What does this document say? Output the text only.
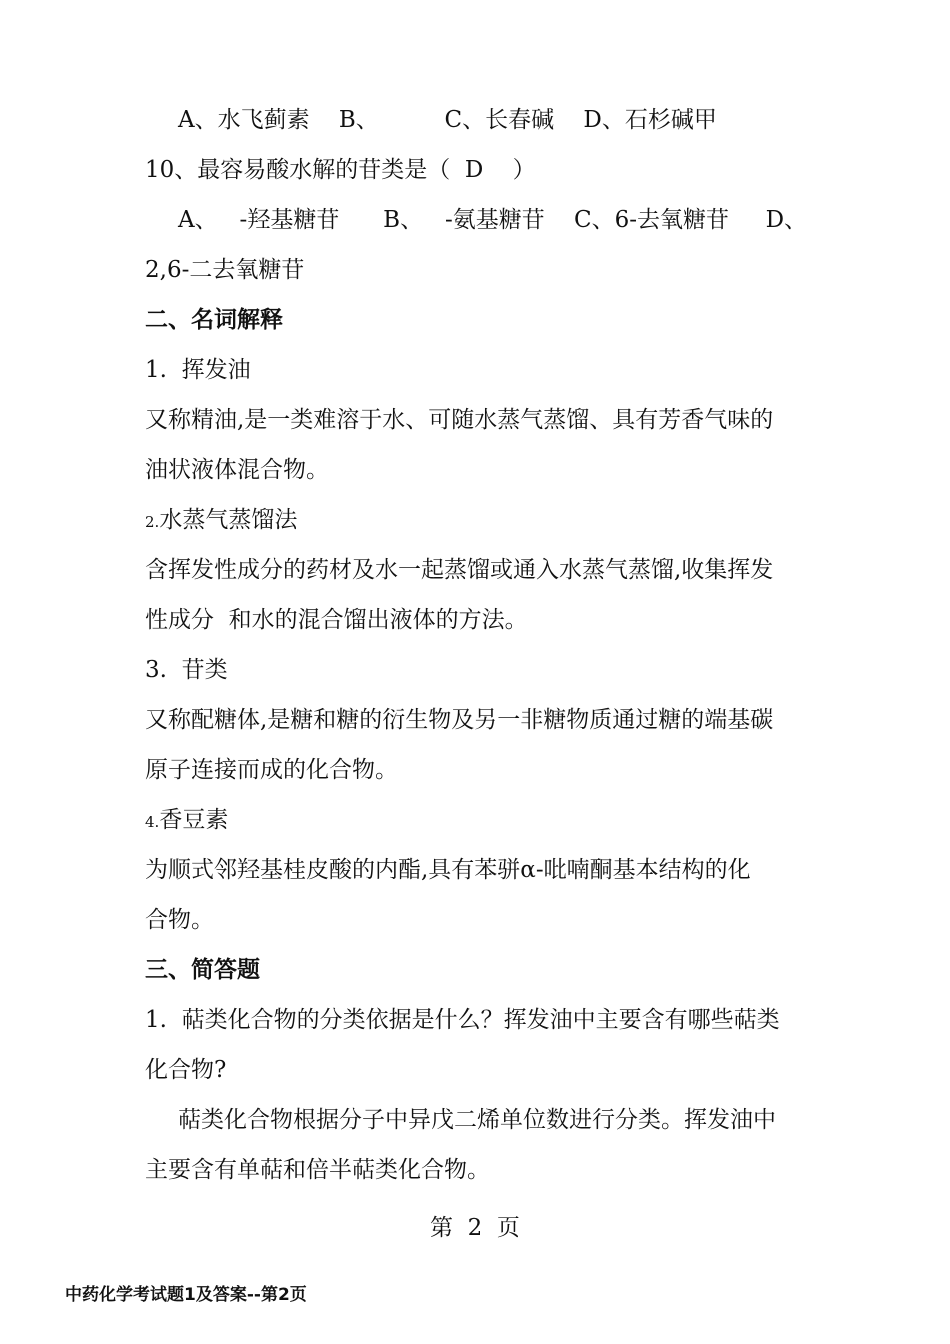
A、水飞蓟素    B、         C、长春碱    D、石杉碱甲
10、最容易酸水解的苷类是（  D    ）
A、   -羟基糖苷      B、   -氨基糖苷    C、6-去氧糖苷     D、
2,6-二去氧糖苷
二、名词解释
1.  挥发油
又称精油,是一类难溶于水、可随水蒸气蒸馏、具有芳香气味的
油状液体混合物。
2.水蒸气蒸馏法
含挥发性成分的药材及水一起蒸馏或通入水蒸气蒸馏,收集挥发
性成分  和水的混合馏出液体的方法。
3.  苷类
又称配糖体,是糖和糖的衍生物及另一非糖物质通过糖的端基碳
原子连接而成的化合物。
4.香豆素
为顺式邻羟基桂皮酸的内酯,具有苯骈α-吡喃酮基本结构的化
合物。
三、简答题
1.  萜类化合物的分类依据是什么？挥发油中主要含有哪些萜类
化合物?
萜类化合物根据分子中异戊二烯单位数进行分类。挥发油中
主要含有单萜和倍半萜类化合物。
第  2  页
中药化学考试题1及答案--第2页
